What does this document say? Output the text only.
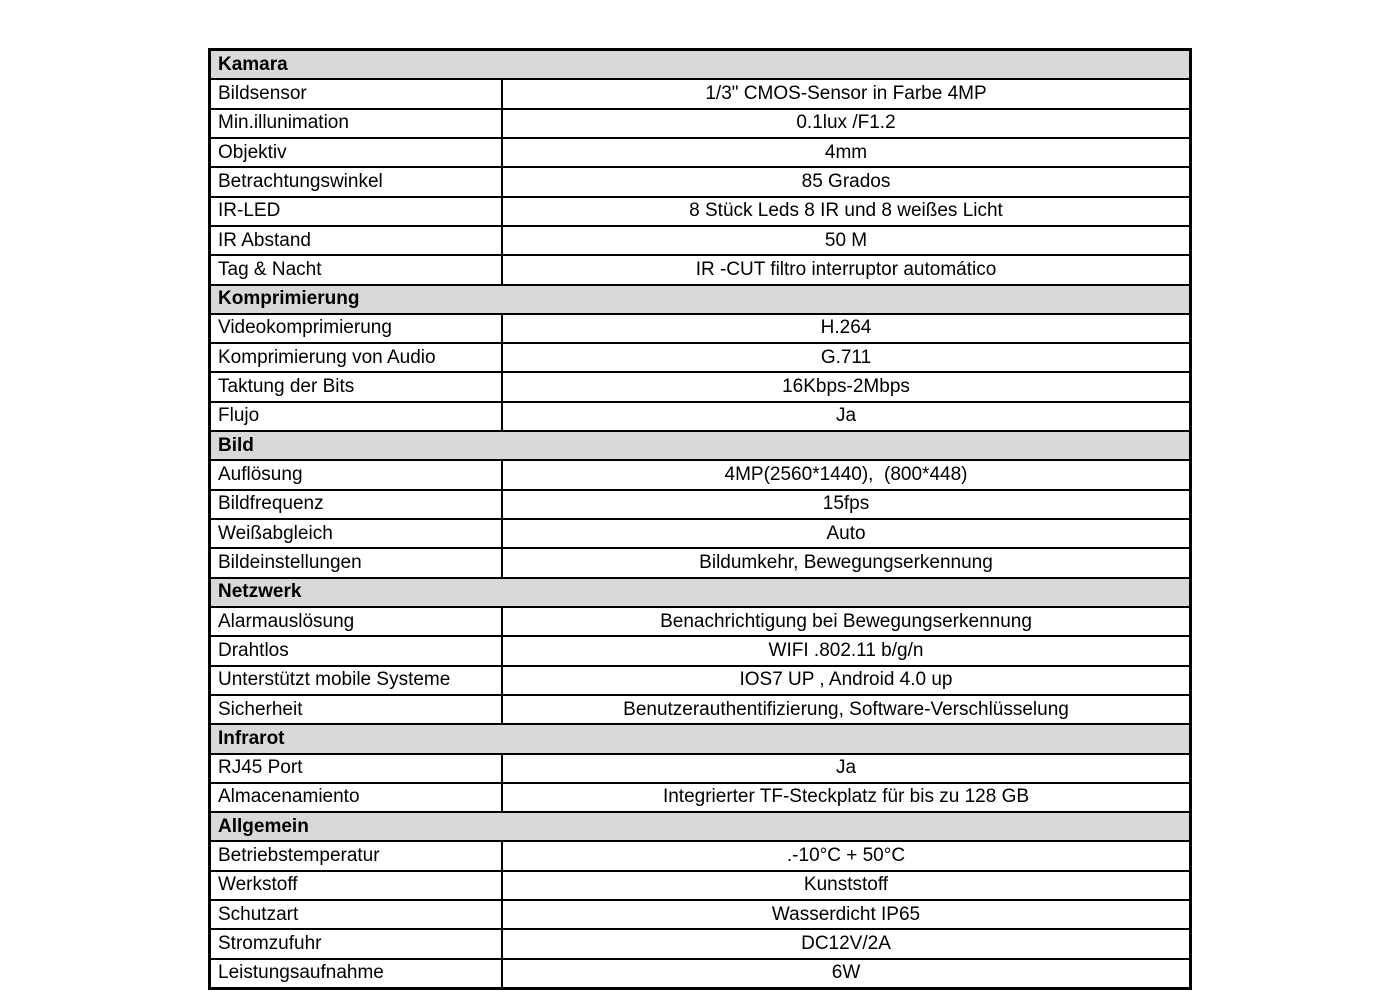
Kamara
Bildsensor	1/3" CMOS-Sensor in Farbe 4MP
Min.illunimation	0.1lux /F1.2
Objektiv	4mm
Betrachtungswinkel	85 Grados
IR-LED	8 Stück Leds 8 IR und 8 weißes Licht
IR Abstand	50 M
Tag & Nacht	IR -CUT filtro interruptor automático
Komprimierung
Videokomprimierung	H.264
Komprimierung von Audio	G.711
Taktung der Bits	16Kbps-2Mbps
Flujo	Ja
Bild
Auflösung	4MP(2560*1440),  (800*448)
Bildfrequenz	15fps
Weißabgleich	Auto
Bildeinstellungen	Bildumkehr, Bewegungserkennung
Netzwerk
Alarmauslösung	Benachrichtigung bei Bewegungserkennung
Drahtlos	WIFI .802.11 b/g/n
Unterstützt mobile Systeme	IOS7 UP , Android 4.0 up
Sicherheit	Benutzerauthentifizierung, Software-Verschlüsselung
Infrarot
RJ45 Port	Ja
Almacenamiento	Integrierter TF-Steckplatz für bis zu 128 GB
Allgemein
Betriebstemperatur	.-10°C + 50°C
Werkstoff	Kunststoff
Schutzart	Wasserdicht IP65
Stromzufuhr	DC12V/2A
Leistungsaufnahme	6W
